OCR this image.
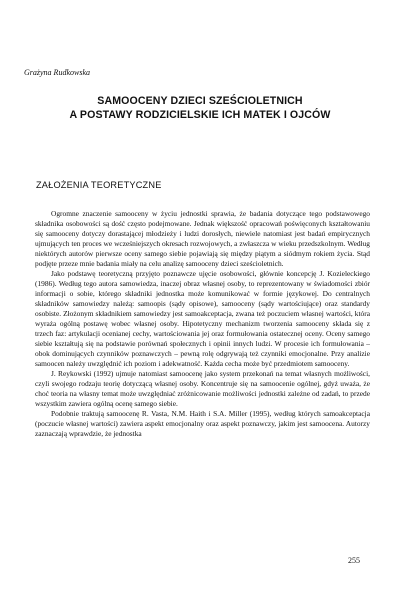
Grażyna Rudkowska
SAMOOCENY DZIECI SZEŚCIOLETNICH
A POSTAWY RODZICIELSKIE ICH MATEK I OJCÓW
ZAŁOŻENIA TEORETYCZNE

Ogromne znaczenie samooceny w życiu jednostki sprawia, że badania dotyczące tego podstawowego składnika osobowości są dość często podejmowane. Jednak większość opracowań poświęconych kształtowaniu się samooceny dotyczy dorastającej młodzieży i ludzi dorosłych, niewiele natomiast jest badań empirycznych ujmujących ten proces we wcześniejszych okresach rozwojowych, a zwłaszcza w wieku przedszkolnym. Według niektórych autorów pierwsze oceny samego siebie pojawiają się między piątym a siódmym rokiem życia. Stąd podjęte przeze mnie badania miały na celu analizę samooceny dzieci sześcioletnich.

Jako podstawę teoretyczną przyjęto poznawcze ujęcie osobowości, głównie koncepcję J. Kozieleckiego (1986). Według tego autora samowiedza, inaczej obraz własnej osoby, to reprezentowany w świadomości zbiór informacji o sobie, którego składniki jednostka może komunikować w formie językowej. Do centralnych składników samowiedzy należą: samoopis (sądy opisowe), samooceny (sądy wartościujące) oraz standardy osobiste. Złożonym składnikiem samowiedzy jest samoakceptacja, zwana też poczuciem własnej wartości, która wyraża ogólną postawę wobec własnej osoby. Hipotetyczny mechanizm tworzenia samooceny składa się z trzech faz: artykulacji ocenianej cechy, wartościowania jej oraz formułowania ostatecznej oceny. Oceny samego siebie kształtują się na podstawie porównań społecznych i opinii innych ludzi. W procesie ich formułowania – obok dominujących czynników poznawczych – pewną rolę odgrywają też czynniki emocjonalne. Przy analizie samoocen należy uwzględnić ich poziom i adekwatność. Każda cecha może być przedmiotem samooceny.

J. Reykowski (1992) ujmuje natomiast samoocenę jako system przekonań na temat własnych możliwości, czyli swojego rodzaju teorię dotyczącą własnej osoby. Koncentruje się na samoocenie ogólnej, gdyż uważa, że choć teoria na własny temat może uwzględniać zróżnicowanie możliwości jednostki zależne od zadań, to przede wszystkim zawiera ogólną ocenę samego siebie.

Podobnie traktują samoocenę R. Vasta, N.M. Haith i S.A. Miller (1995), według których samoakceptacja (poczucie własnej wartości) zawiera aspekt emocjonalny oraz aspekt poznawczy, jakim jest samoocena. Autorzy zaznaczają wprawdzie, że jednostka

255
